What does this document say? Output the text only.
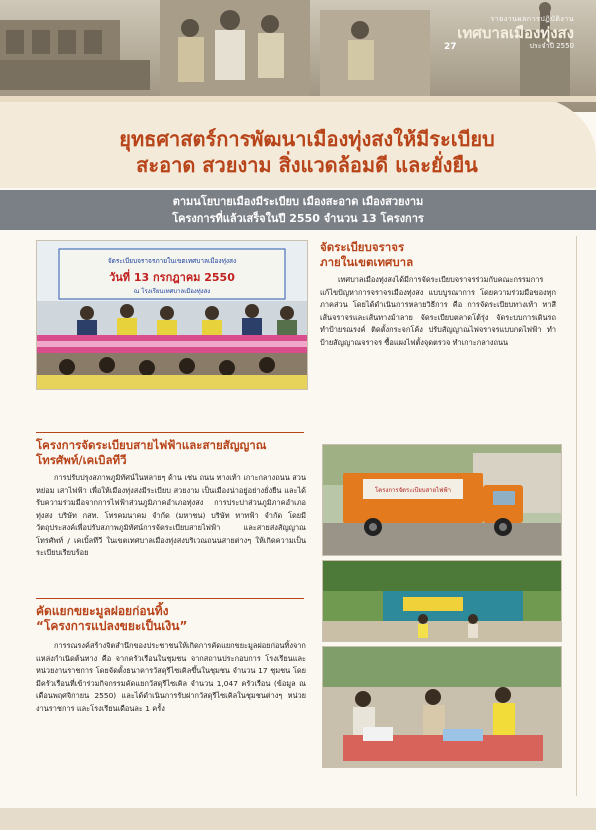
27
รายงานผลการปฏิบัติงาน
เทศบาลเมืองทุ่งสง
ประจำปี 2550
ยุทธศาสตร์การพัฒนาเมืองทุ่งสงให้มีระเบียบ
สะอาด สวยงาม สิ่งแวดล้อมดี และยั่งยืน
ตามนโยบายเมืองมีระเบียบ เมืองสะอาด เมืองสวยงาม
โครงการที่แล้วเสร็จในปี 2550 จำนวน 13 โครงการ
จัดระเบียบจราจรภายในเขตเทศบาลเมืองทุ่งสง
วันที่ 13 กรกฎาคม 2550
ณ โรงเรียนเทศบาลเมืองทุ่งสง
จัดระเบียบจราจร
ภายในเขตเทศบาล

เทศบาลเมืองทุ่งสงได้มีการจัดระเบียบจราจรร่วมกับคณะกรรมการแก้ไขปัญหาการจราจรเมืองทุ่งสง แบบบูรณาการ โดยความร่วมมือของทุกภาคส่วน โดยได้ดำเนินการหลายวิธีการ คือ การจัดระเบียบทางเท้า ทาสีเส้นจราจรและเส้นทางม้าลาย จัดระเบียบตลาดโต้รุ่ง จัดระบบการเดินรถ ทำป้ายรณรงค์ ติดตั้งกระจกโค้ง ปรับสัญญาณไฟจราจรแบบกดไฟฟ้า ทำป้ายสัญญาณจราจร ซื้อแผงไฟตั้งจุดตรวจ ทำเกาะกลางถนน

โครงการจัดระเบียบสายไฟฟ้าและสายสัญญาณ
โทรศัพท์/เคเบิลทีวี

การปรับปรุงสภาพภูมิทัศน์ในหลายๆ ด้าน เช่น ถนน ทางเท้า เกาะกลางถนน สวนหย่อม เสาไฟฟ้า เพื่อให้เมืองทุ่งสงมีระเบียบ สวยงาม เป็นเมืองน่าอยู่อย่างยั่งยืน และได้รับความร่วมมือจากการไฟฟ้าส่วนภูมิภาคอำเภอทุ่งสง การประปาส่วนภูมิภาคอำเภอทุ่งสง บริษัท กสท. โทรคมนาคม จำกัด (มหาชน) บริษัท ทาทฟ้า จำกัด โดยมีวัตถุประสงค์เพื่อปรับสภาพภูมิทัศน์การจัดระเบียบสายไฟฟ้า และสายส่งสัญญาณโทรศัพท์ / เคเบิ้ลทีวี ในเขตเทศบาลเมืองทุ่งสงบริเวณถนนสายต่างๆ ให้เกิดความเป็นระเบียบเรียบร้อย

โครงการจัดระเบียบสายไฟฟ้า
คัดแยกขยะมูลฝอยก่อนทิ้ง
“โครงการแปลงขยะเป็นเงิน”

การรณรงค์สร้างจิตสำนึกของประชาชนให้เกิดการคัดแยกขยะมูลฝอยก่อนทิ้งจากแหล่งกำเนิดต้นทาง คือ จากครัวเรือนในชุมชน จากสถานประกอบการ โรงเรียนและหน่วยงานราชการ โดยจัดตั้งธนาคารวัสดุรีไซเคิลขึ้นในชุมชน จำนวน 17 ชุมชน โดยมีครัวเรือนที่เข้าร่วมกิจกรรมคัดแยกวัสดุรีไซเคิล จำนวน 1,047 ครัวเรือน (ข้อมูล ณ เดือนพฤศจิกายน 2550) และได้ดำเนินการรับฝากวัสดุรีไซเคิลในชุมชนต่างๆ หน่วยงานราชการ และโรงเรียนเดือนละ 1 ครั้ง
